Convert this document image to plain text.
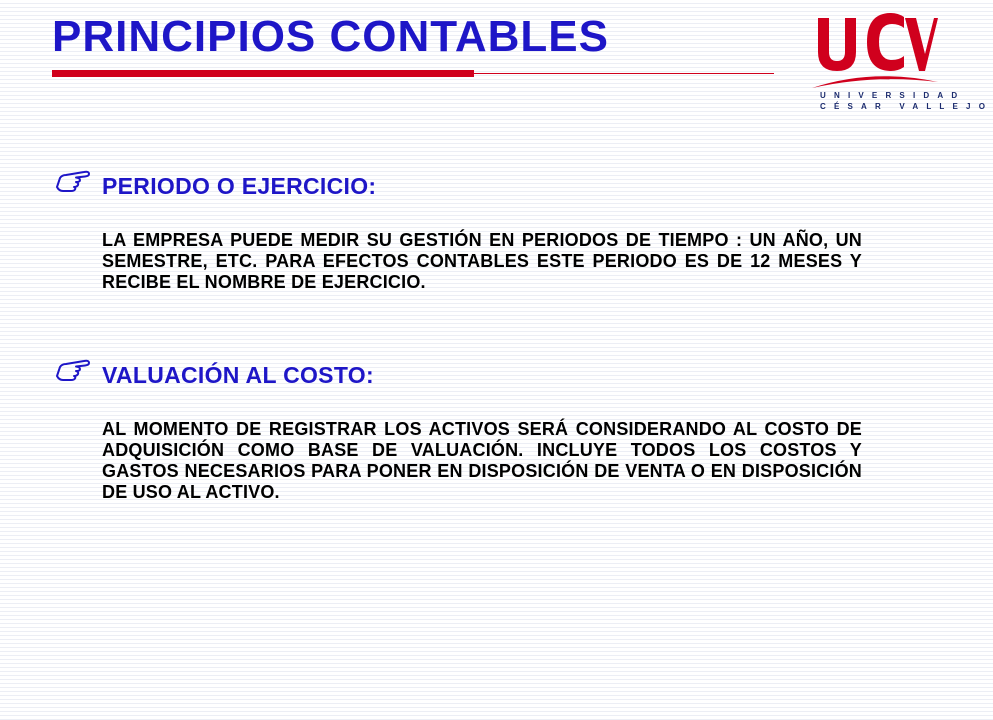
PRINCIPIOS CONTABLES
UNIVERSIDAD
CÉSAR VALLEJO
PERIODO O EJERCICIO:

LA EMPRESA PUEDE MEDIR SU GESTIÓN EN PERIODOS DE TIEMPO : UN AÑO, UN SEMESTRE, ETC. PARA EFECTOS CONTABLES ESTE PERIODO ES DE 12 MESES Y RECIBE EL NOMBRE DE EJERCICIO.

VALUACIÓN AL COSTO:

AL MOMENTO DE REGISTRAR LOS ACTIVOS SERÁ CONSIDERANDO AL COSTO DE ADQUISICIÓN COMO BASE DE VALUACIÓN. INCLUYE TODOS LOS COSTOS Y GASTOS NECESARIOS PARA PONER EN DISPOSICIÓN DE VENTA O EN DISPOSICIÓN DE USO AL ACTIVO.
